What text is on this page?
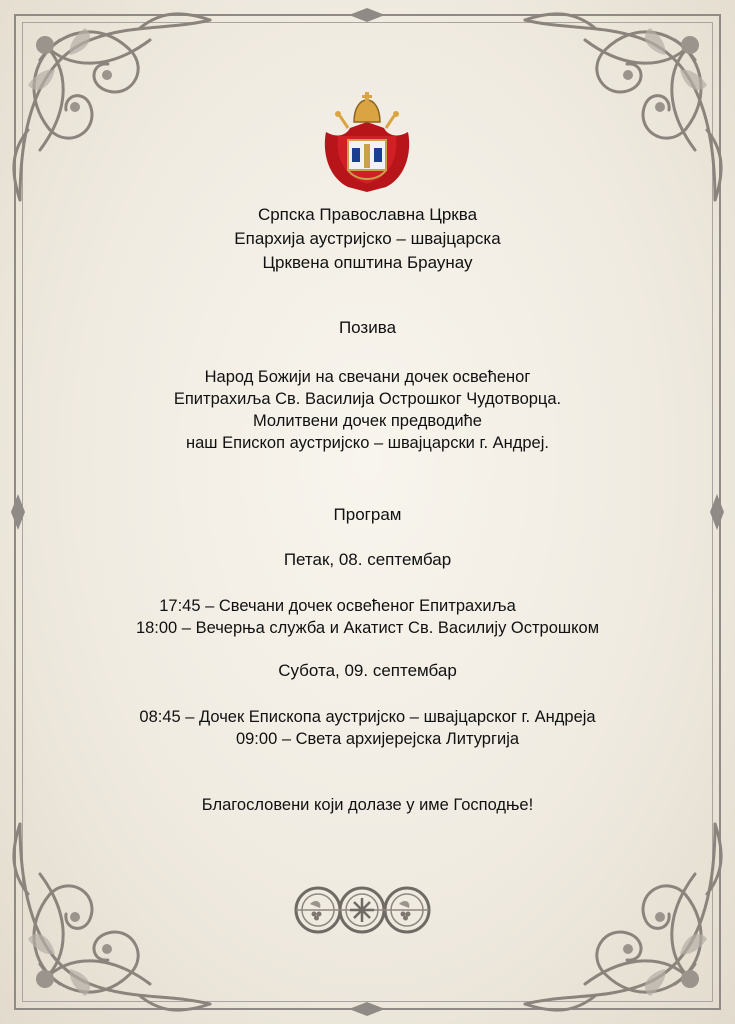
Српска Православна Црква
Епархија аустријско – швајцарска
Црквена општина Браунау
Позива
Народ Божији на свечани дочек освећеног
Епитрахиља Св. Василија Острошког Чудотворца.
Молитвени дочек предводиће
наш Епископ аустријско – швајцарски г. Андреј.
Програм
Петак, 08. септембар
17:45 – Свечани дочек освећеног Епитрахиља
18:00 – Вечерња служба и Акатист Св. Василију Острошком
Субота, 09. септембар
08:45 – Дочек Епископа аустријско – швајцарског г. Андреја
09:00 – Света архијерејска Литургија
Благословени који долазе у име Господње!
